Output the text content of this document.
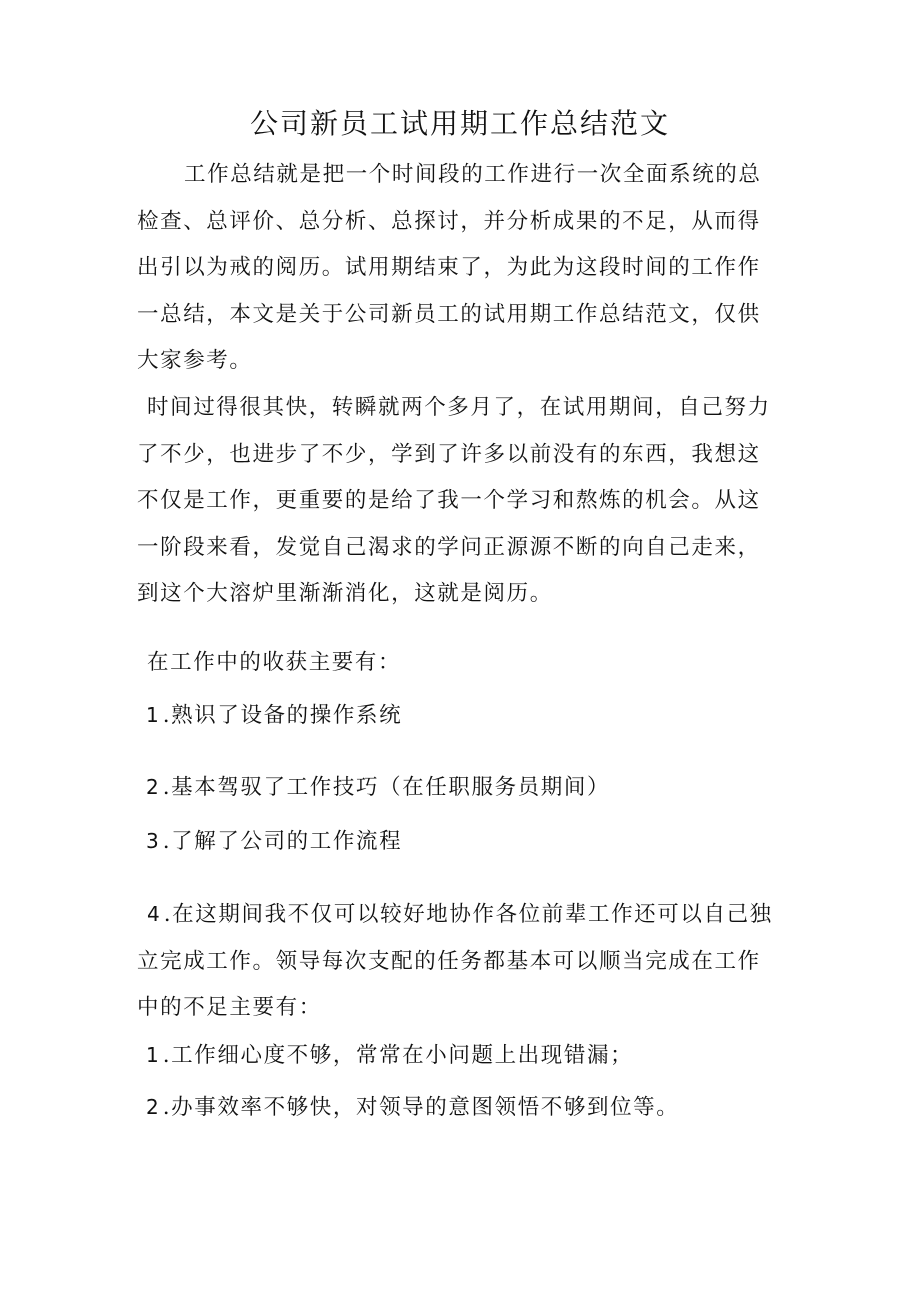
公司新员工试用期工作总结范文

工作总结就是把一个时间段的工作进行一次全面系统的总检查、总评价、总分析、总探讨，并分析成果的不足，从而得出引以为戒的阅历。试用期结束了，为此为这段时间的工作作一总结，本文是关于公司新员工的试用期工作总结范文，仅供大家参考。

时间过得很其快，转瞬就两个多月了，在试用期间，自己努力了不少，也进步了不少，学到了许多以前没有的东西，我想这不仅是工作，更重要的是给了我一个学习和熬炼的机会。从这一阶段来看，发觉自己渴求的学问正源源不断的向自己走来，到这个大溶炉里渐渐消化，这就是阅历。

在工作中的收获主要有：

1 .熟识了设备的操作系统

2 .基本驾驭了工作技巧（在任职服务员期间）

3 .了解了公司的工作流程

4 .在这期间我不仅可以较好地协作各位前辈工作还可以自己独立完成工作。领导每次支配的任务都基本可以顺当完成在工作中的不足主要有：

1 .工作细心度不够，常常在小问题上出现错漏；

2 .办事效率不够快，对领导的意图领悟不够到位等。
